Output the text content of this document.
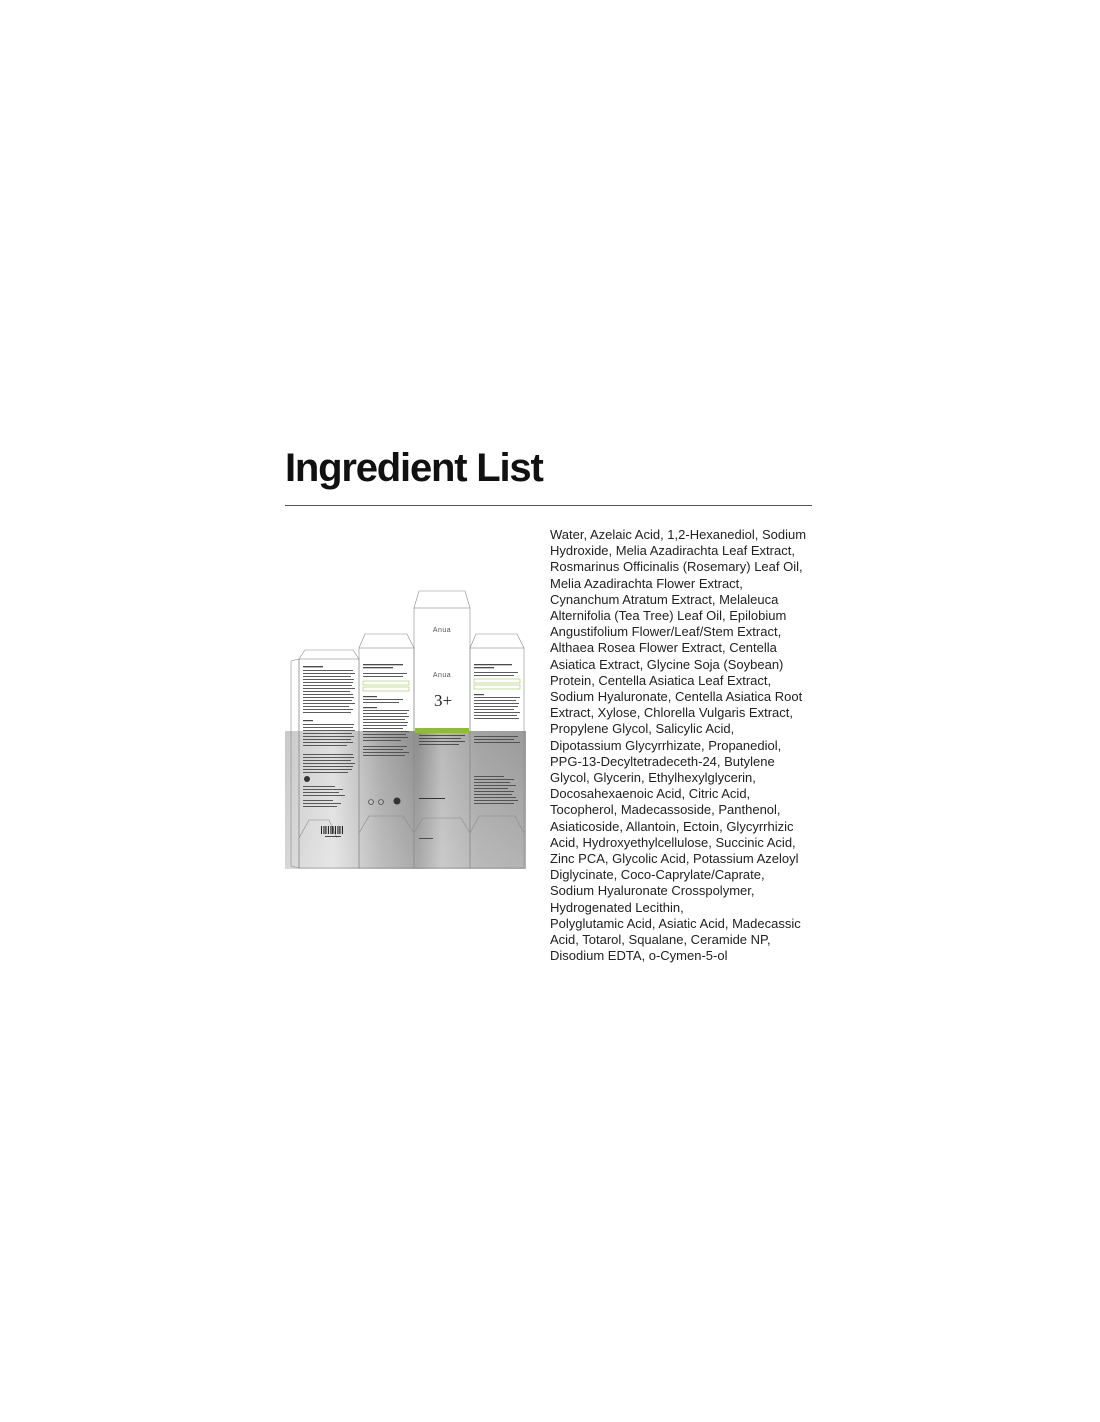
Ingredient List
Anua
Anua
3+

Water, Azelaic Acid, 1,2-Hexanediol, Sodium
Hydroxide, Melia Azadirachta Leaf Extract,
Rosmarinus Officinalis (Rosemary) Leaf Oil,
Melia Azadirachta Flower Extract,
Cynanchum Atratum Extract, Melaleuca
Alternifolia (Tea Tree) Leaf Oil, Epilobium
Angustifolium Flower/Leaf/Stem Extract,
Althaea Rosea Flower Extract, Centella
Asiatica Extract, Glycine Soja (Soybean)
Protein, Centella Asiatica Leaf Extract,
Sodium Hyaluronate, Centella Asiatica Root
Extract, Xylose, Chlorella Vulgaris Extract,
Propylene Glycol, Salicylic Acid,
Dipotassium Glycyrrhizate, Propanediol,
PPG-13-Decyltetradeceth-24, Butylene
Glycol, Glycerin, Ethylhexylglycerin,
Docosahexaenoic Acid, Citric Acid,
Tocopherol, Madecassoside, Panthenol,
Asiaticoside, Allantoin, Ectoin, Glycyrrhizic
Acid, Hydroxyethylcellulose, Succinic Acid,
Zinc PCA, Glycolic Acid, Potassium Azeloyl
Diglycinate, Coco-Caprylate/Caprate,
Sodium Hyaluronate Crosspolymer,
Hydrogenated Lecithin,
Polyglutamic Acid, Asiatic Acid, Madecassic
Acid, Totarol, Squalane, Ceramide NP,
Disodium EDTA, o-Cymen-5-ol
